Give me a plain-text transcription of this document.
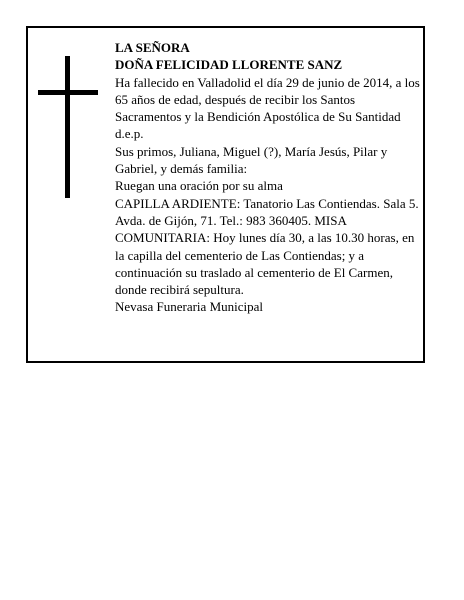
LA SEÑORA

DOÑA FELICIDAD LLORENTE SANZ

Ha fallecido en Valladolid el día 29 de junio de 2014, a los 65 años de edad, después de recibir los Santos Sacramentos y la Bendición Apostólica de Su Santidad d.e.p.

Sus primos, Juliana, Miguel (?), María Jesús, Pilar y Gabriel, y demás familia:

Ruegan una oración por su alma

CAPILLA ARDIENTE: Tanatorio Las Contiendas. Sala 5. Avda. de Gijón, 71. Tel.: 983 360405. MISA COMUNITARIA: Hoy lunes día 30, a las 10.30 horas, en la capilla del cementerio de Las Contiendas; y a continuación su traslado al cementerio de El Carmen, donde recibirá sepultura.

Nevasa Funeraria Municipal
